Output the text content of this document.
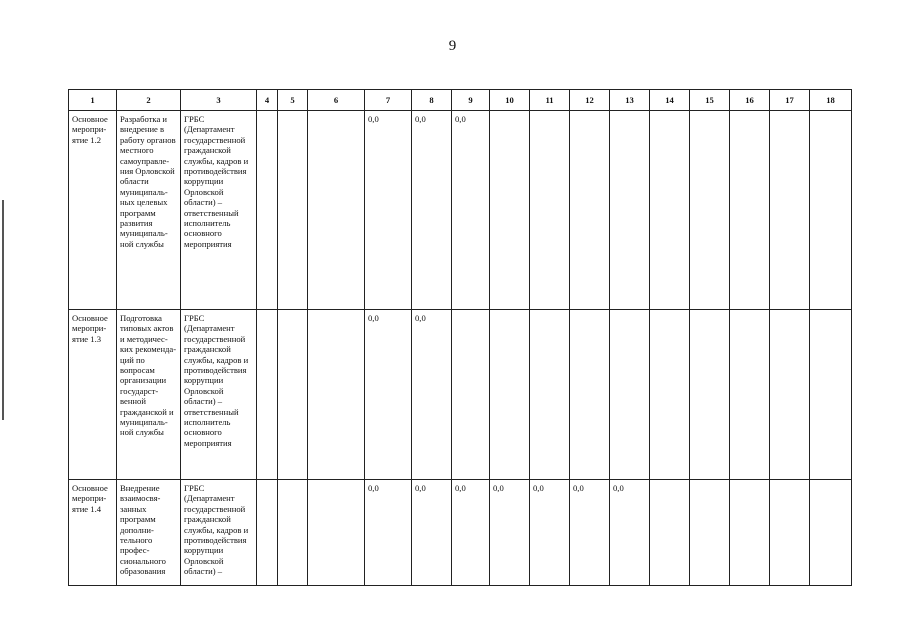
9
1	2	3	4	5	6	7	8	9	10	11	12	13	14	15	16	17	18
Основное меропри-ятие 1.2	Разработка и внедрение в работу органов местного самоуправле-ния Орловской области муниципаль-ных целевых программ развития муниципаль-ной службы	ГРБС (Департамент государственной гражданской службы, кадров и противодействия коррупции Орловской области) – ответственный исполнитель основного мероприятия				0,0	0,0	0,0									
Основное меропри-ятие 1.3	Подготовка типовых актов и методичес-ких рекоменда-ций по вопросам организации государст-венной гражданской и муниципаль-ной службы	ГРБС (Департамент государственной гражданской службы, кадров и противодействия коррупции Орловской области) – ответственный исполнитель основного мероприятия				0,0	0,0										
Основное меропри-ятие 1.4	Внедрение взаимосвя-занных программ дополни-тельного профес-сионального образования	ГРБС (Департамент государственной гражданской службы, кадров и противодействия коррупции Орловской области) –				0,0	0,0	0,0	0,0	0,0	0,0	0,0					
